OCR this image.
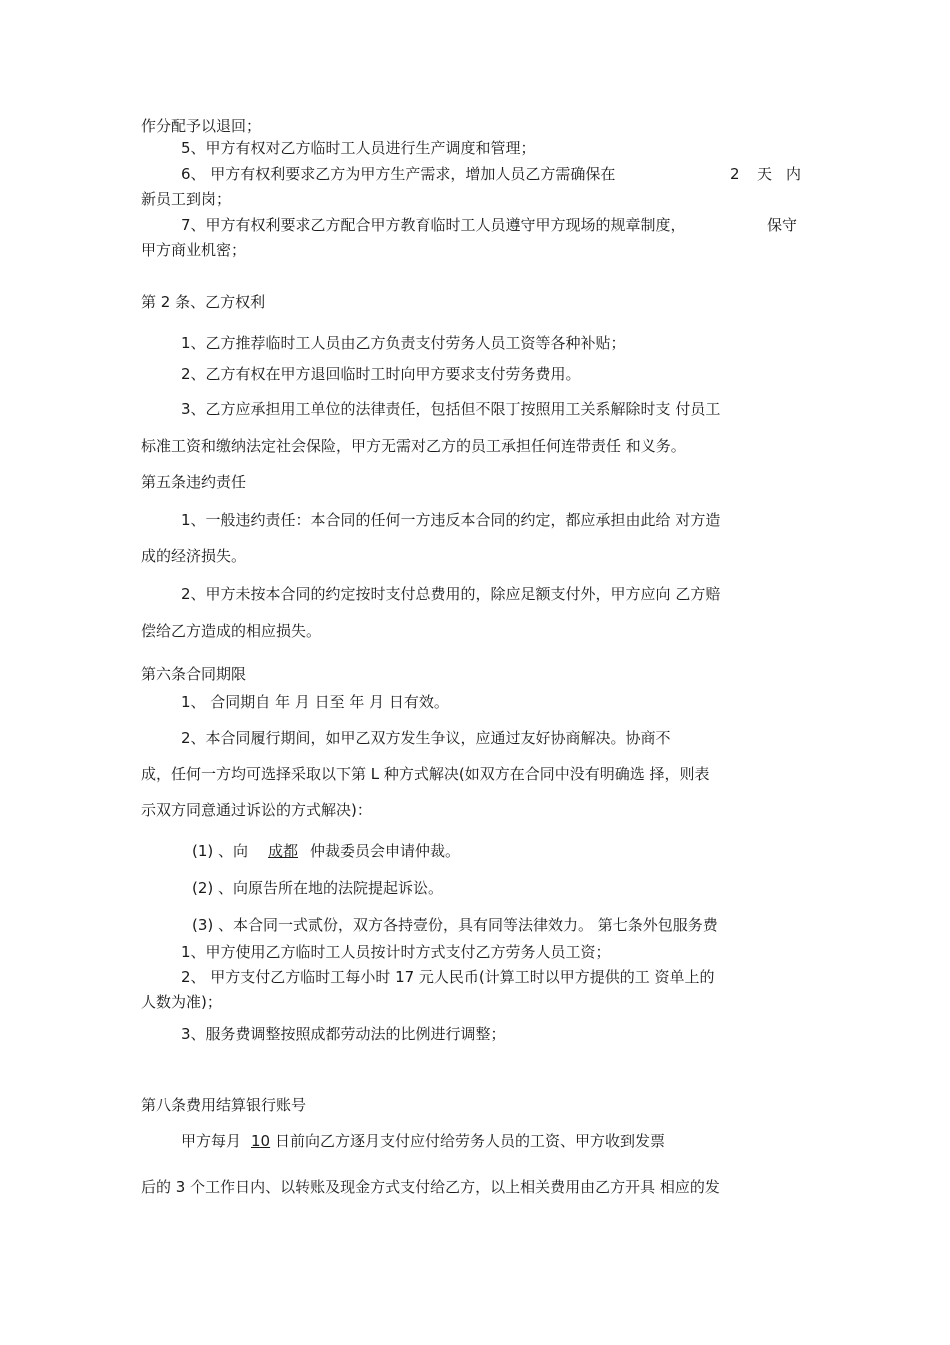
作分配予以退回；
5、甲方有权对乙方临时工人员进行生产调度和管理；
6、 甲方有权利要求乙方为甲方生产需求，增加人员乙方需确保在	2 天 内
新员工到岗；
7、甲方有权利要求乙方配合甲方教育临时工人员遵守甲方现场的规章制度，	保守
甲方商业机密；
第 2 条、乙方权利
1、乙方推荐临时工人员由乙方负责支付劳务人员工资等各种补贴；
2、乙方有权在甲方退回临时工时向甲方要求支付劳务费用。
3、乙方应承担用工单位的法律责任，包括但不限丁按照用工关系解除时支 付员工
标准工资和缴纳法定社会保险，甲方无需对乙方的员工承担任何连带责任 和义务。
第五条违约责任
1、一般违约责任：本合同的任何一方违反本合同的约定，都应承担由此给 对方造
成的经济损失。
2、甲方未按本合同的约定按时支付总费用的，除应足额支付外，甲方应向 乙方赔
偿给乙方造成的相应损失。
第六条合同期限
1、 合同期自 年 月 日至 年 月 日有效。
2、本合同履行期间，如甲乙双方发生争议，应通过友好协商解决。协商不
成，任何一方均可选择采取以下第 L 种方式解决(如双方在合同中没有明确选 择，则表
示双方同意通过诉讼的方式解决)：
(1) 、向 成都 仲裁委员会申请仲裁。
(2) 、向原告所在地的法院提起诉讼。
(3) 、本合同一式贰份，双方各持壹份，具有同等法律效力。 第七条外包服务费
1、甲方使用乙方临时工人员按计时方式支付乙方劳务人员工资；
2、 甲方支付乙方临时工每小时 17 元人民币(计算工时以甲方提供的工 资单上的
人数为准)；
3、服务费调整按照成都劳动法的比例进行调整；
第八条费用结算银行账号
甲方每月 10 日前向乙方逐月支付应付给劳务人员的工资、甲方收到发票
后的 3 个工作日内、以转账及现金方式支付给乙方，以上相关费用由乙方开具 相应的发
